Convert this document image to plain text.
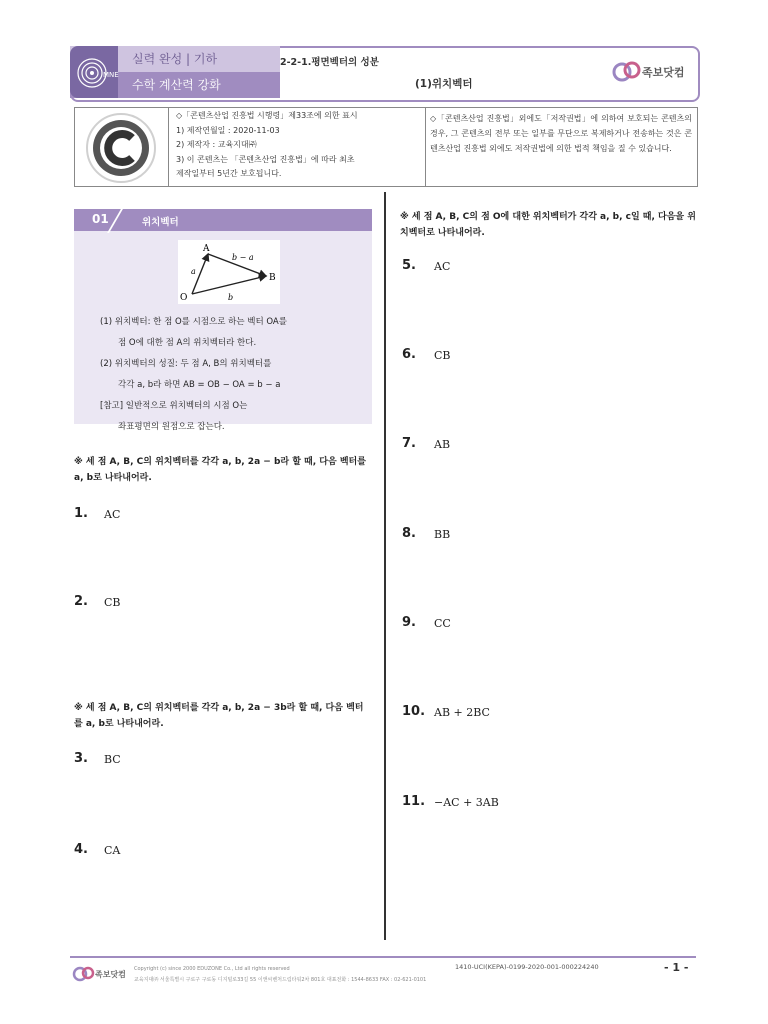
MNE
실력 완성 | 기하
수학 계산력 강화
2-2-1.평면벡터의 성분
(1)위치벡터
족보닷컴
◇「콘텐츠산업 진흥법 시행령」제33조에 의한 표시
1) 제작연월일 : 2020-11-03
2) 제작자 : 교육지대㈜
3) 이 콘텐츠는 「콘텐츠산업 진흥법」에 따라 최초
제작일부터 5년간 보호됩니다.
◇「콘텐츠산업 진흥법」외에도「저작권법」에 의하여 보호되는 콘텐츠의 경우, 그 콘텐츠의 전부 또는 일부를 무단으로 복제하거나 전송하는 것은 콘텐츠산업 진흥법 외에도 저작권법에 의한 법적 책임을 질 수 있습니다.
01	위치벡터
A
B
O
a
b
b − a
(1) 위치벡터: 한 점 O를 시점으로 하는 벡터 OA를
점 O에 대한 점 A의 위치벡터라 한다.
(2) 위치벡터의 성질: 두 점 A, B의 위치벡터를
각각 a, b라 하면 AB = OB − OA = b − a
[참고] 일반적으로 위치벡터의 시점 O는
좌표평면의 원점으로 잡는다.
※ 세 점 A, B, C의 위치벡터를 각각 a, b, 2a − b라 할 때, 다음 벡터를 a, b로 나타내어라.
1. AC
2. CB
※ 세 점 A, B, C의 위치벡터를 각각 a, b, 2a − 3b라 할 때, 다음 벡터를 a, b로 나타내어라.
3. BC
4. CA
※ 세 점 A, B, C의 점 O에 대한 위치벡터가 각각 a, b, c일 때, 다음을 위치벡터로 나타내어라.
5. AC
6. CB
7. AB
8. BB
9. CC
10. AB + 2BC
11. −AC + 3AB
족보닷컴
Copyright (c) since 2000 EDUZONE Co., Ltd all rights reserved
교육지대㈜ 서울특별시 구로구 구로동 디지털로33길 55 이앤씨벤처드림타워2차 801호 대표전화 : 1544-8633 FAX : 02-621-0101
1410-UCI(KEPA)-0199-2020-001-000224240	- 1 -
